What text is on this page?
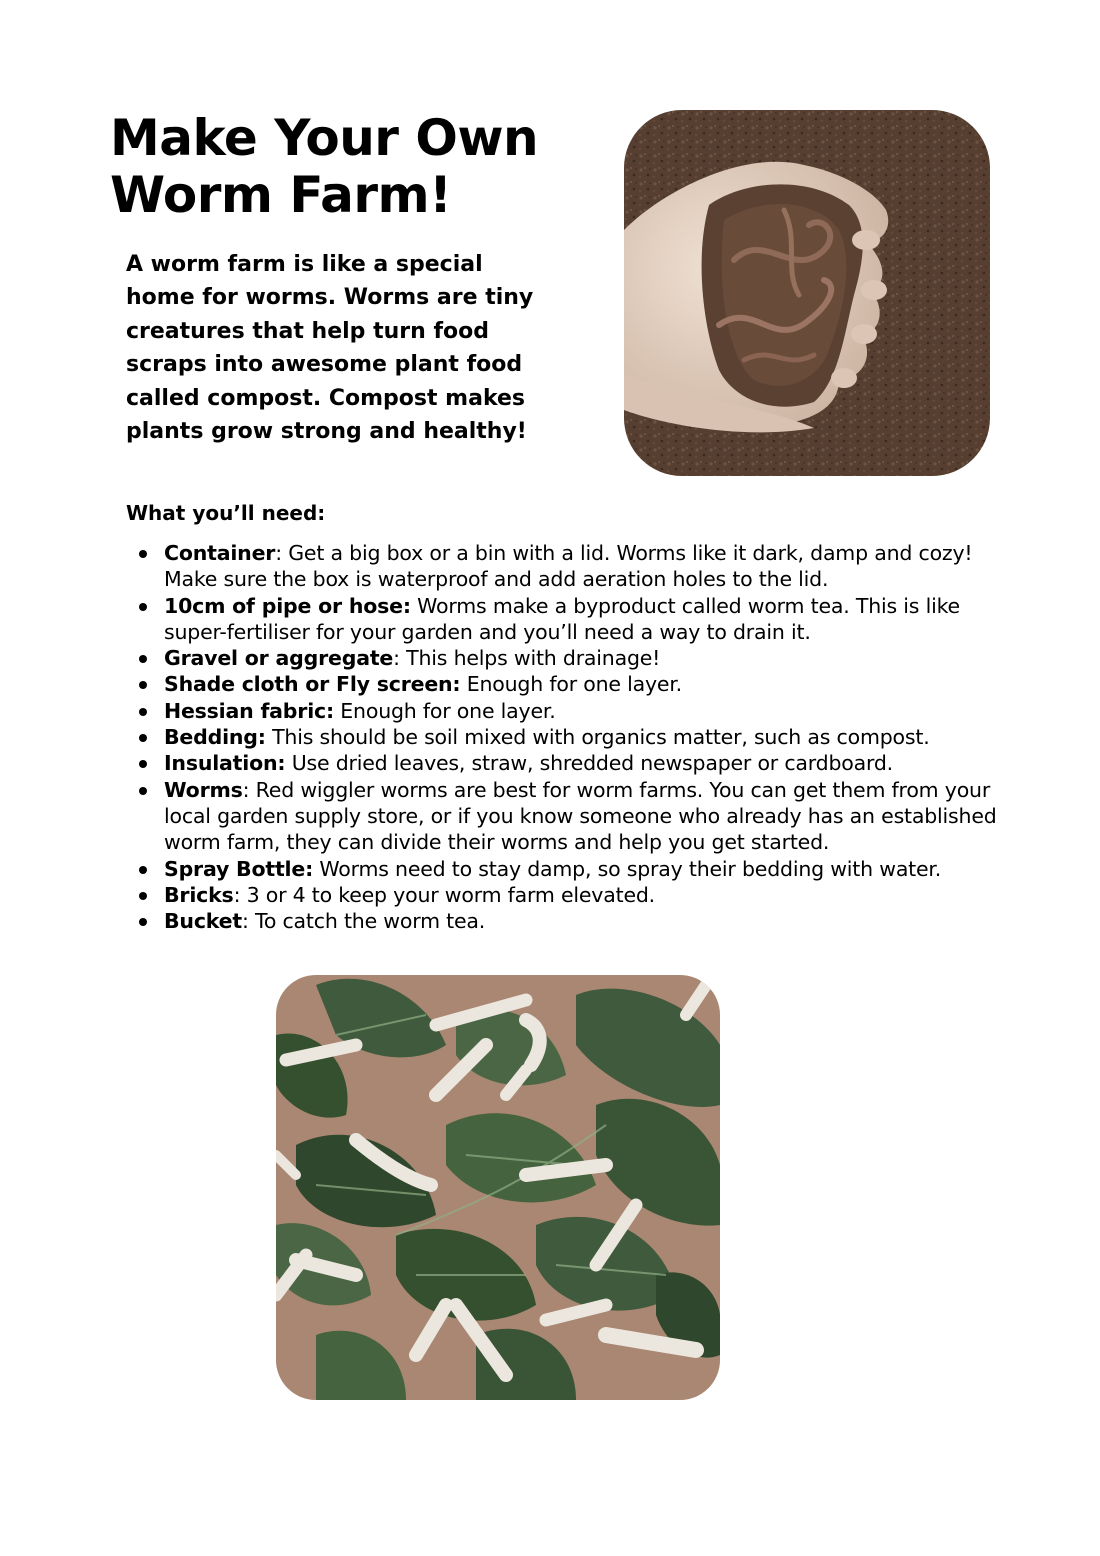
Make Your Own Worm Farm!

A worm farm is like a special home for worms. Worms are tiny creatures that help turn food scraps into awesome plant food called compost. Compost makes plants grow strong and healthy!

What you’ll need:
Container: Get a big box or a bin with a lid. Worms like it dark, damp and cozy! Make sure the box is waterproof and add aeration holes to the lid.
10cm of pipe or hose: Worms make a byproduct called worm tea. This is like super-fertiliser for your garden and you’ll need a way to drain it.
Gravel or aggregate: This helps with drainage!
Shade cloth or Fly screen: Enough for one layer.
Hessian fabric: Enough for one layer.
Bedding: This should be soil mixed with organics matter, such as compost.
Insulation: Use dried leaves, straw, shredded newspaper or cardboard.
Worms: Red wiggler worms are best for worm farms. You can get them from your local garden supply store, or if you know someone who already has an established worm farm, they can divide their worms and help you get started.
Spray Bottle: Worms need to stay damp, so spray their bedding with water.
Bricks: 3 or 4 to keep your worm farm elevated.
Bucket: To catch the worm tea.
